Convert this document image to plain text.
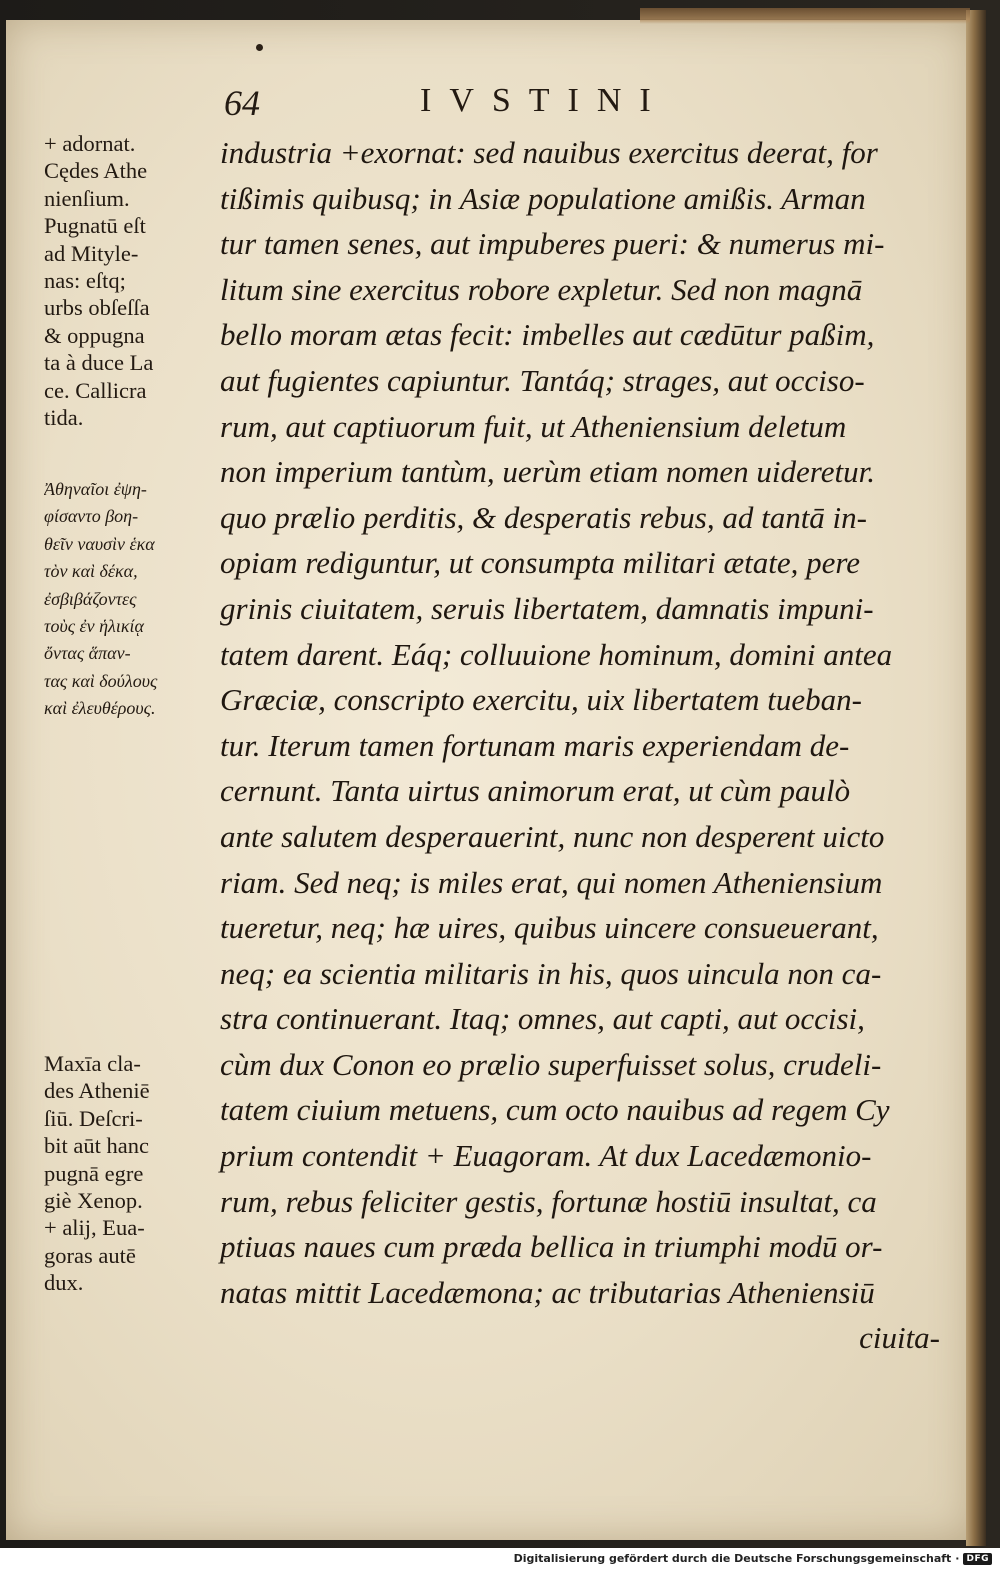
64	IVSTINI
industria +exornat: sed nauibus exercitus deerat, for
tißimis quibusq; in Asiæ populatione amißis. Arman
tur tamen senes, aut impuberes pueri: & numerus mi-
litum sine exercitus robore expletur. Sed non magnā
bello moram ætas fecit: imbelles aut cædūtur paßim,
aut fugientes capiuntur. Tantáq; strages, aut occiso-
rum, aut captiuorum fuit, ut Atheniensium deletum
non imperium tantùm, uerùm etiam nomen uideretur.
quo prælio perditis, & desperatis rebus, ad tantā in-
opiam rediguntur, ut consumpta militari ætate, pere
grinis ciuitatem, seruis libertatem, damnatis impuni-
tatem darent. Eáq; colluuione hominum, domini antea
Græciæ, conscripto exercitu, uix libertatem tueban-
tur. Iterum tamen fortunam maris experiendam de-
cernunt. Tanta uirtus animorum erat, ut cùm paulò
ante salutem desperauerint, nunc non desperent uicto
riam. Sed neq; is miles erat, qui nomen Atheniensium
tueretur, neq; hæ uires, quibus uincere consueuerant,
neq; ea scientia militaris in his, quos uincula non ca-
stra continuerant. Itaq; omnes, aut capti, aut occisi,
cùm dux Conon eo prælio superfuisset solus, crudeli-
tatem ciuium metuens, cum octo nauibus ad regem Cy
prium contendit + Euagoram. At dux Lacedæmonio-
rum, rebus feliciter gestis, fortunæ hostiū insultat, ca
ptiuas naues cum præda bellica in triumphi modū or-
natas mittit Lacedæmona; ac tributarias Atheniensiū
ciuita-
+ adornat.
Cędes Athe
nienſium.
Pugnatū eſt
ad Mityle-
nas: eſtq;
urbs obſeſſa
& oppugna
ta à duce La
ce. Callicra
tida.
Ἀθηναῖοι ἐψη-
φίσαντο βοη-
θεῖν ναυσὶν ἑκα
τὸν καὶ δέκα,
ἐσβιβάζοντες
τοὺς ἐν ἡλικίᾳ
ὄντας ἅπαν-
τας καὶ δούλους
καὶ ἐλευθέρους.
Maxīa cla-
des Atheniē
ſiū. Deſcri-
bit aūt hanc
pugnā egre
giè Xenop.
+ alij, Eua-
goras autē
dux.
Digitalisierung gefördert durch die Deutsche Forschungsgemeinschaft · DFG
